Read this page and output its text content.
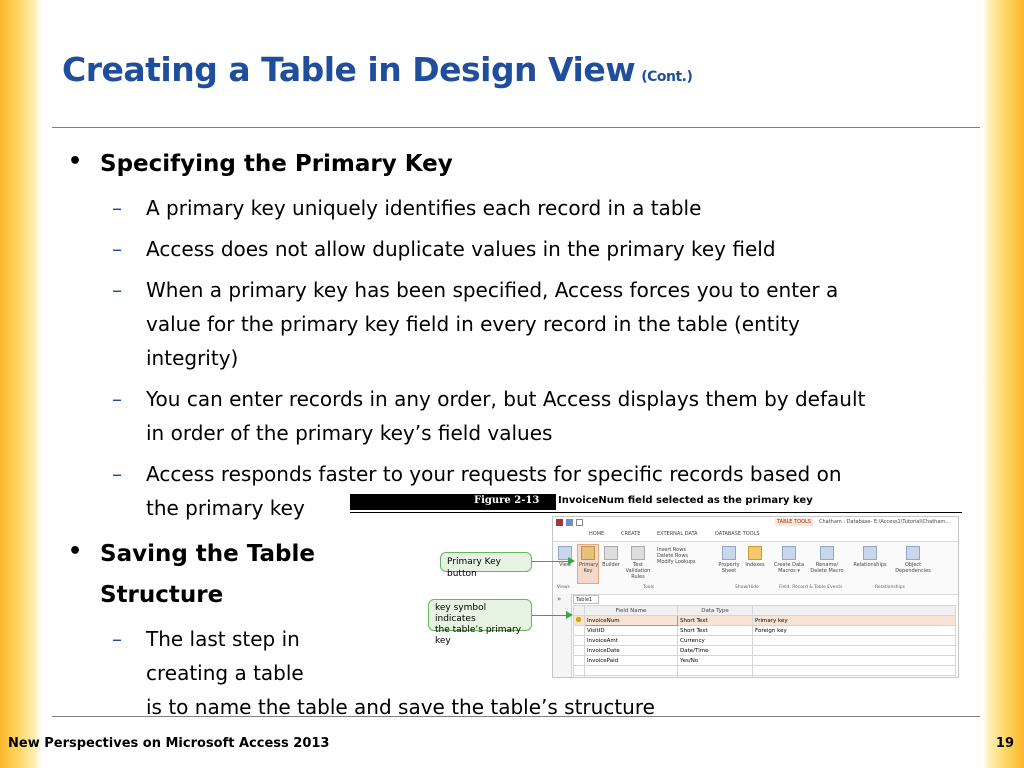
Creating a Table in Design View (Cont.)
• Specifying the Primary Key
– A primary key uniquely identifies each record in a table
– Access does not allow duplicate values in the primary key field
– When a primary key has been specified, Access forces you to enter a
value for the primary key field in every record in the table (entity
integrity)
– You can enter records in any order, but Access displays them by default
in order of the primary key’s field values
– Access responds faster to your requests for specific records based on
the primary key
• Saving the Table
Structure
– The last step in
creating a table
is to name the table and save the table’s structure
Figure 2-13 InvoiceNum field selected as the primary key
TABLE TOOLS	Chatham : Database- E:\Access1\Tutorial\Chatham...
HOME	CREATE	EXTERNAL DATA	DATABASE TOOLS
View	Primary
Key
Builder	Test Validation
Rules
Insert Rows
Delete Rows
Modify Lookups	Property
Sheet
Indexes Create Data
Macros ▾
Rename/
Delete Macro
Relationships	Object
Dependencies
Views	Tools	Show/Hide	Field, Record & Table Events	Relationships
»	Table1
	Field Name	Data Type	
	InvoiceNum	Short Text	Primary key
	VisitID	Short Text	Foreign key
	InvoiceAmt	Currency	
	InvoiceDate	Date/Time	
	InvoicePaid	Yes/No	

Primary Key button
key symbol indicates
the table’s primary key
New Perspectives on Microsoft Access 2013	19
